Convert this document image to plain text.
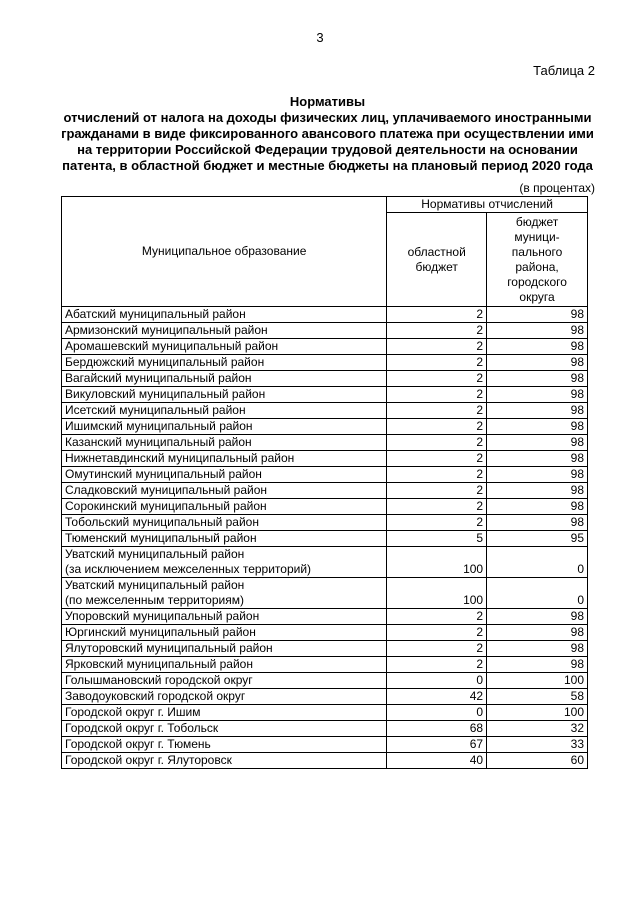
3
Таблица 2
Нормативы
отчислений от налога на доходы физических лиц, уплачиваемого иностранными
гражданами в виде фиксированного авансового платежа при осуществлении ими
на территории Российской Федерации трудовой деятельности на основании
патента, в областной бюджет и местные бюджеты на плановый период 2020 года
(в процентах)
Муниципальное образование	Нормативы отчислений	
	областной бюджет	бюджет муници-пального района, городского округа
Абатский муниципальный район	2	98
Армизонский муниципальный район	2	98
Аромашевский муниципальный район	2	98
Бердюжский муниципальный район	2	98
Вагайский муниципальный район	2	98
Викуловский муниципальный район	2	98
Исетский муниципальный район	2	98
Ишимский муниципальный район	2	98
Казанский муниципальный район	2	98
Нижнетавдинский муниципальный район	2	98
Омутинский муниципальный район	2	98
Сладковский муниципальный район	2	98
Сорокинский муниципальный район	2	98
Тобольский муниципальный район	2	98
Тюменский муниципальный район	5	95
Уватский муниципальный район
(за исключением межселенных территорий)	100	0
Уватский муниципальный район
(по межселенным территориям)	100	0
Упоровский муниципальный район	2	98
Юргинский муниципальный район	2	98
Ялуторовский муниципальный район	2	98
Ярковский муниципальный район	2	98
Голышмановский городской округ	0	100
Заводоуковский городской округ	42	58
Городской округ г. Ишим	0	100
Городской округ г. Тобольск	68	32
Городской округ г. Тюмень	67	33
Городской округ г. Ялуторовск	40	60
